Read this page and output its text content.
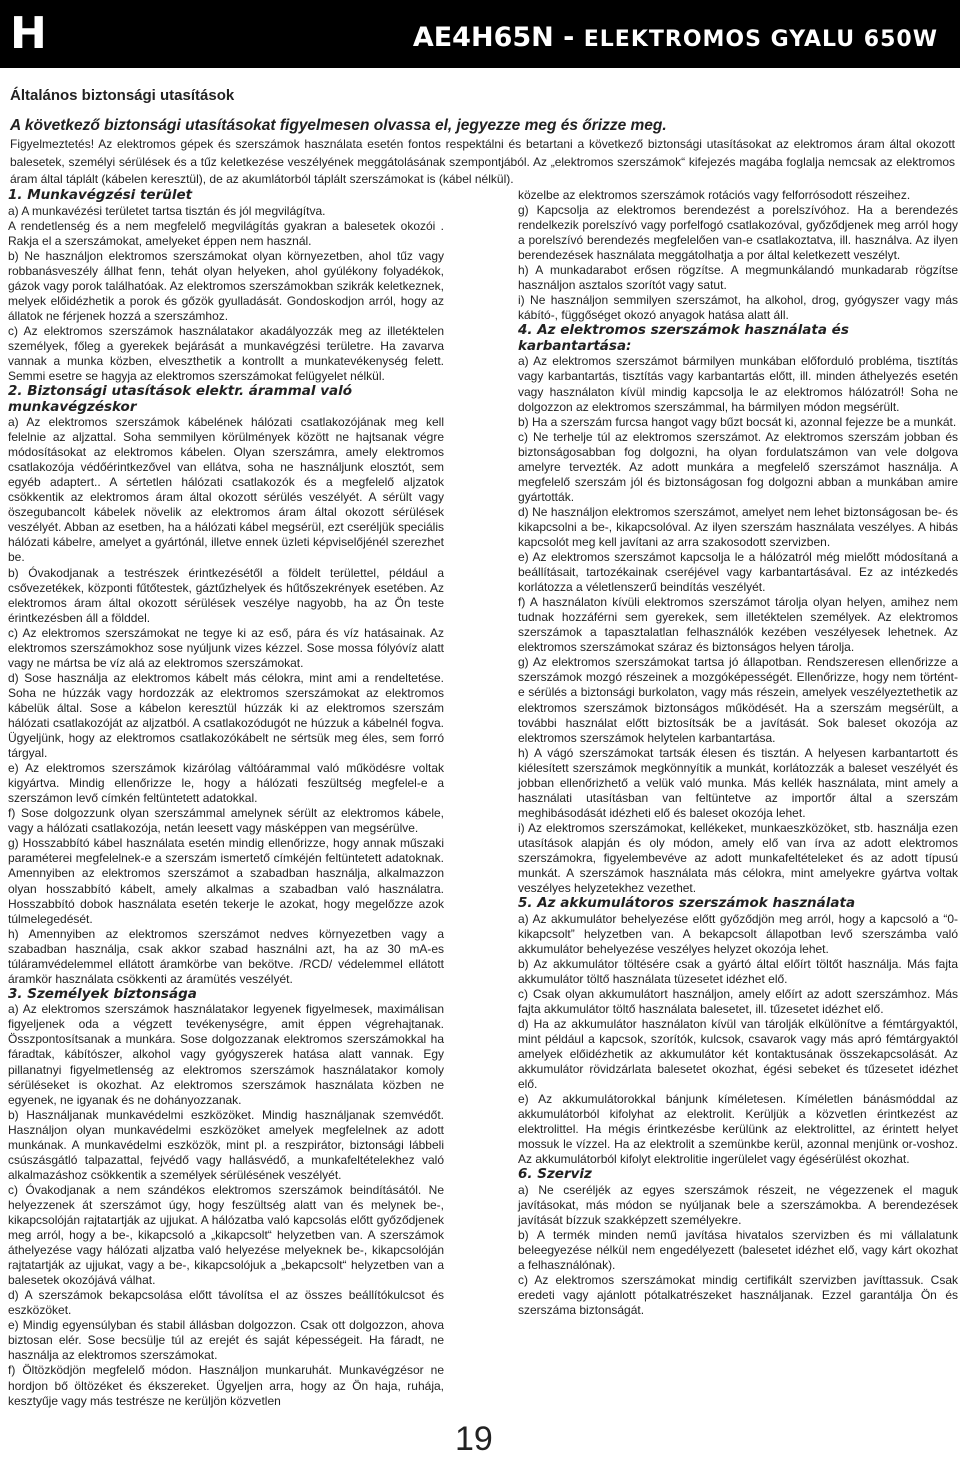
H	AE4H65N - ELEKTROMOS GYALU 650W
Általános biztonsági utasítások
A következő biztonsági utasításokat figyelmesen olvassa el, jegyezze meg és őrizze meg.
Figyelmeztetés! Az elektromos gépek és szerszámok használata esetén fontos respektálni és betartani a következő biztonsági utasításokat az elektromos áram által okozott balesetek, személyi sérülések és a tűz keletkezése veszélyének meggátolásának szempontjából. Az „elektromos szerszámok“ kifejezés magába foglalja nemcsak az elektromos áram által táplált (kábelen keresztül), de az akumlátorból táplált szerszámokat is (kábel nélkül).
1. Munkavégzési terület

a) A munkavézési területet tartsa tisztán és jól megvilágítva.

A rendetlenség és a nem megfelelő megvilágítás gyakran a balesetek okozói . Rakja el a szerszámokat, amelyeket éppen nem használ.

b) Ne használjon elektromos szerszámokat olyan környezetben, ahol tűz vagy robbanásveszély állhat fenn, tehát olyan helyeken, ahol gyúlékony folyadékok, gázok vagy porok találhatóak. Az elektromos szerszámokban szikrák keletkeznek, melyek előidézhetik a porok és gőzök gyulladását. Gondoskodjon arról, hogy az állatok ne férjenek hozzá a szerszámhoz.

c) Az elektromos szerszámok használatakor akadályozzák meg az illetéktelen személyek, főleg a gyerekek bejárását a munkavégzési területre. Ha zavarva vannak a munka közben, elveszthetik a kontrollt a munkatevékenység felett. Semmi esetre se hagyja az elektromos szerszámokat felügyelet nélkül.

2. Biztonsági utasítások elektr. árammal való munkavégzéskor

a) Az elektromos szerszámok kábelének hálózati csatlakozójának meg kell felelnie az aljzattal. Soha semmilyen körülmények között ne hajtsanak végre módosításokat az elektromos kábelen. Olyan szerszámra, amely elektromos csatlakozója védőérintkezővel van ellátva, soha ne használjunk elosztót, sem egyéb adaptert.. A sértetlen hálózati csatlakozók és a megfelelő aljzatok csökkentik az elektromos áram által okozott sérülés veszélyét. A sérült vagy öszegubancolt kábelek növelik az elektromos áram által okozott sérülések veszélyét. Abban az esetben, ha a hálózati kábel megsérül, ezt cseréljük speciális hálózati kábelre, amelyet a gyártónál, illetve ennek üzleti képviselőjénél szerezhet be.

b) Óvakodjanak a testrészek érintkezésétől a földelt területtel, például a csővezetékek, központi fűtőtestek, gáztűzhelyek és hűtőszekrények esetében. Az elektromos áram által okozott sérülések veszélye nagyobb, ha az Ön teste érintkezésben áll a földdel.

c) Az elektromos szerszámokat ne tegye ki az eső, pára és víz hatásainak. Az elektromos szerszámokhoz sose nyúljunk vizes kézzel. Sose mossa fólyóvíz alatt vagy ne mártsa be víz alá az elektromos szerszámokat.

d) Sose használja az elektromos kábelt más célokra, mint ami a rendeltetése. Soha ne húzzák vagy hordozzák az elektromos szerszámokat az elektromos kábelük által. Sose a kábelon keresztül húzzák ki az elektromos szerszám hálózati csatlakozóját az aljzatból. A csatlakozódugót ne húzzuk a kábelnél fogva. Ügyeljünk, hogy az elektromos csatlakozókábelt ne sértsük meg éles, sem forró tárgyal.

e) Az elektromos szerszámok kizárólag váltóárammal való működésre voltak kigyártva. Mindig ellenőrizze le, hogy a hálózati feszültség megfelel-e a szerszámon levő címkén feltüntetett adatokkal.

f) Sose dolgozzunk olyan szerszámmal amelynek sérült az elektromos kábele, vagy a hálózati csatlakozója, netán leesett vagy másképpen van megsérülve.

g) Hosszabbító kábel használata esetén mindig ellenőrizze, hogy annak műszaki paraméterei megfelelnek-e a szerszám ismertető címkéjén feltüntetett adatoknak. Amennyiben az elektromos szerszámot a szabadban használja, alkalmazzon olyan hosszabbító kábelt, amely alkalmas a szabadban való használatra. Hosszabbító dobok használata esetén tekerje le azokat, hogy megelőzze azok túlmelegedését.

h) Amennyiben az elektromos szerszámot nedves környezetben vagy a szabadban használja, csak akkor szabad használni azt, ha az 30 mA-es túláramvédelemmel ellátott áramkörbe van bekötve. /RCD/ védelemmel ellátott áramkör használata csökkenti az áramütés veszélyét.

3. Személyek biztonsága

a) Az elektromos szerszámok használatakor legyenek figyelmesek, maximálisan figyeljenek oda a végzett tevékenységre, amit éppen végrehajtanak. Összpontosítsanak a munkára. Sose dolgozzanak elektromos szerszámokkal ha fáradtak, kábítószer, alkohol vagy gyógyszerek hatása alatt vannak. Egy pillanatnyi figyelmetlenség az elektromos szerszámok használatakor komoly sérüléseket is okozhat. Az elektromos szerszámok használata közben ne egyenek, ne igyanak és ne dohányozzanak.

b) Használjanak munkavédelmi eszközöket. Mindig használjanak szemvédőt. Használjon olyan munkavédelmi eszközöket amelyek megfelelnek az adott munkának. A munkavédelmi eszközök, mint pl. a reszpirátor, biztonsági lábbeli csúszásgátló talpazattal, fejvédő vagy hallásvédő, a munkafeltételekhez való alkalmazáshoz csökkentik a személyek sérülésének veszélyét.

c) Óvakodjanak a nem szándékos elektromos szerszámok beindításától. Ne helyezzenek át szerszámot úgy, hogy feszültség alatt van és melynek be-, kikapcsolóján rajtatartják az ujjukat. A hálózatba való kapcsolás előtt győződjenek meg arról, hogy a be-, kikapcsoló a „kikapcsolt“ helyzetben van. A szerszámok áthelyezése vagy hálózati aljzatba való helyezése melyeknek be-, kikapcsolóján rajtatartják az ujjukat, vagy a be-, kikapcsolójuk a „bekapcsolt“ helyzetben van a balesetek okozójává válhat.

d) A szerszámok bekapcsolása előtt távolítsa el az összes beállítókulcsot és eszközöket.

e) Mindig egyensúlyban és stabil állásban dolgozzon. Csak ott dolgozzon, ahova biztosan elér. Sose becsülje túl az erejét és saját képességeit. Ha fáradt, ne használja az elektromos szerszámokat.

f) Öltözködjön megfelelő módon. Használjon munkaruhát. Munkavégzésor ne hordjon bő öltözéket és ékszereket. Ügyeljen arra, hogy az Ön haja, ruhája, kesztyűje vagy más testrésze ne kerüljön közvetlen

közelbe az elektromos szerszámok rotációs vagy felforrósodott részeihez.

g) Kapcsolja az elektromos berendezést a porelszívóhoz. Ha a berendezés rendelkezik porelszívó vagy porfelfogó csatlakozóval, győződjenek meg arról hogy a porelszívó berendezés megfelelően van-e csatlakoztatva, ill. használva. Az ilyen berendezések használata meggátolhatja a por által keletkezett veszélyt.

h) A munkadarabot erősen rögzítse. A megmunkálandó munkadarab rögzítse használjon asztalos szorítót vagy satut.

i) Ne használjon semmilyen szerszámot, ha alkohol, drog, gyógyszer vagy más kábító-, függőséget okozó anyagok hatása alatt áll.

4. Az elektromos szerszámok használata és karbantartása:

a) Az elektromos szerszámot bármilyen munkában előforduló probléma, tisztítás vagy karbantartás, tisztítás vagy karbantartás előtt, ill. minden áthelyezés esetén vagy használaton kívül mindig kapcsolja le az elektromos hálózatról! Soha ne dolgozzon az elektromos szerszámmal, ha bármilyen módon megsérült.

b) Ha a szerszám furcsa hangot vagy bűzt bocsát ki, azonnal fejezze be a munkát.

c) Ne terhelje túl az elektromos szerszámot. Az elektromos szerszám jobban és biztonságosabban fog dolgozni, ha olyan fordulatszámon van vele dolgova amelyre tervezték. Az adott munkára a megfelelő szerszámot használja. A megfelelő szerszám jól és biztonságosan fog dolgozni abban a munkában amire gyártották.

d) Ne használjon elektromos szerszámot, amelyet nem lehet biztonságosan be- és kikapcsolni a be-, kikapcsolóval. Az ilyen szerszám használata veszélyes. A hibás kapcsolót meg kell javítani az arra szakosodott szervizben.

e) Az elektromos szerszámot kapcsolja le a hálózatról még mielőtt módosítaná a beállításait, tartozékainak cseréjével vagy karbantartásával. Ez az intézkedés korlátozza a véletlenszerű beindítás veszélyét.

f) A használaton kívüli elektromos szerszámot tárolja olyan helyen, amihez nem tudnak hozzáférni sem gyerekek, sem illetéktelen személyek. Az elektromos szerszámok a tapasztalatlan felhasználók kezében veszélyesek lehetnek. Az elektromos szerszámokat száraz és biztonságos helyen tárolja.

g) Az elektromos szerszámokat tartsa jó állapotban. Rendszeresen ellenőrizze a szerszámok mozgó részeinek a mozgóképességét. Ellenőrizze, hogy nem történt-e sérülés a biztonsági burkolaton, vagy más részein, amelyek veszélyeztethetik az elektromos szerszámok biztonságos működését. Ha a szerszám megsérült, a további használat előtt biztosítsák be a javítását. Sok baleset okozója az elektromos szerszámok helytelen karbantartása.

h) A vágó szerszámokat tartsák élesen és tisztán. A helyesen karbantartott és kiélesített szerszámok megkönnyítik a munkát, korlátozzák a baleset veszélyét és jobban ellenőrizhető a velük való munka. Más kellék használata, mint amely a használati utasításban van feltüntetve az importőr által a szerszám meghibásodását idézheti elő és baleset okozója lehet.

i) Az elektromos szerszámokat, kellékeket, munkaeszközöket, stb. használja ezen utasítások alapján és oly módon, amely elő van írva az adott elektromos szerszámokra, figyelembevéve az adott munkafeltételeket és az adott típusú munkát. A szerszámok használata más célokra, mint amelyekre gyártva voltak veszélyes helyzetekhez vezethet.

5. Az akkumulátoros szerszámok használata

a) Az akkumulátor behelyezése előtt győződjön meg arról, hogy a kapcsoló a “0-kikapcsolt” helyzetben van. A bekapcsolt állapotban levő szerszámba való akkumulátor behelyezése veszélyes helyzet okozója lehet.

b) Az akkumulátor töltésére csak a gyártó által előírt töltőt használja. Más fajta akkumulátor töltő használata tüzesetet idézhet elő.

c) Csak olyan akkumulátort használjon, amely előírt az adott szerszámhoz. Más fajta akkumulátor töltő használata balesetet, ill. tűzesetet idézhet elő.

d) Ha az akkumulátor használaton kívül van tárolják elkülönítve a fémtárgyaktól, mint például a kapcsok, szorítók, kulcsok, csavarok vagy más apró fémtárgyaktól amelyek előidézhetik az akkumulátor két kontaktusának összekapcsolását. Az akkumulátor rövidzárlata balesetet okozhat, égési sebeket és tűzesetet idézhet elő.

e) Az akkumulátorokkal bánjunk kíméletesen. Kíméletlen bánásmóddal az akkumulátorból kifolyhat az elektrolit. Kerüljük a közvetlen érintkezést az elektrolittel. Ha mégis érintkezésbe kerülünk az elektrolittel, az érintett helyet mossuk le vízzel. Ha az elektrolit a szemünkbe kerül, azonnal menjünk or-voshoz. Az akkumulátorból kifolyt elektrolitie ingerülelet vagy égésérülést okozhat.

6. Szerviz

a) Ne cseréljék az egyes szerszámok részeit, ne végezzenek el maguk javításokat, más módon se nyúljanak bele a szerszámokba. A berendezések javítását bízzuk szakképzett személyekre.

b) A termék minden nemű javítása hivatalos szervizben és mi vállalatunk beleegyezése nélkül nem engedélyezett (balesetet idézhet elő, vagy kárt okozhat a felhasználónak).

c) Az elektromos szerszámokat mindig certifikált szervizben javíttassuk. Csak eredeti vagy ajánlott pótalkatrészeket használjanak. Ezzel garantálja Ön és szerszáma biztonságát.

19
